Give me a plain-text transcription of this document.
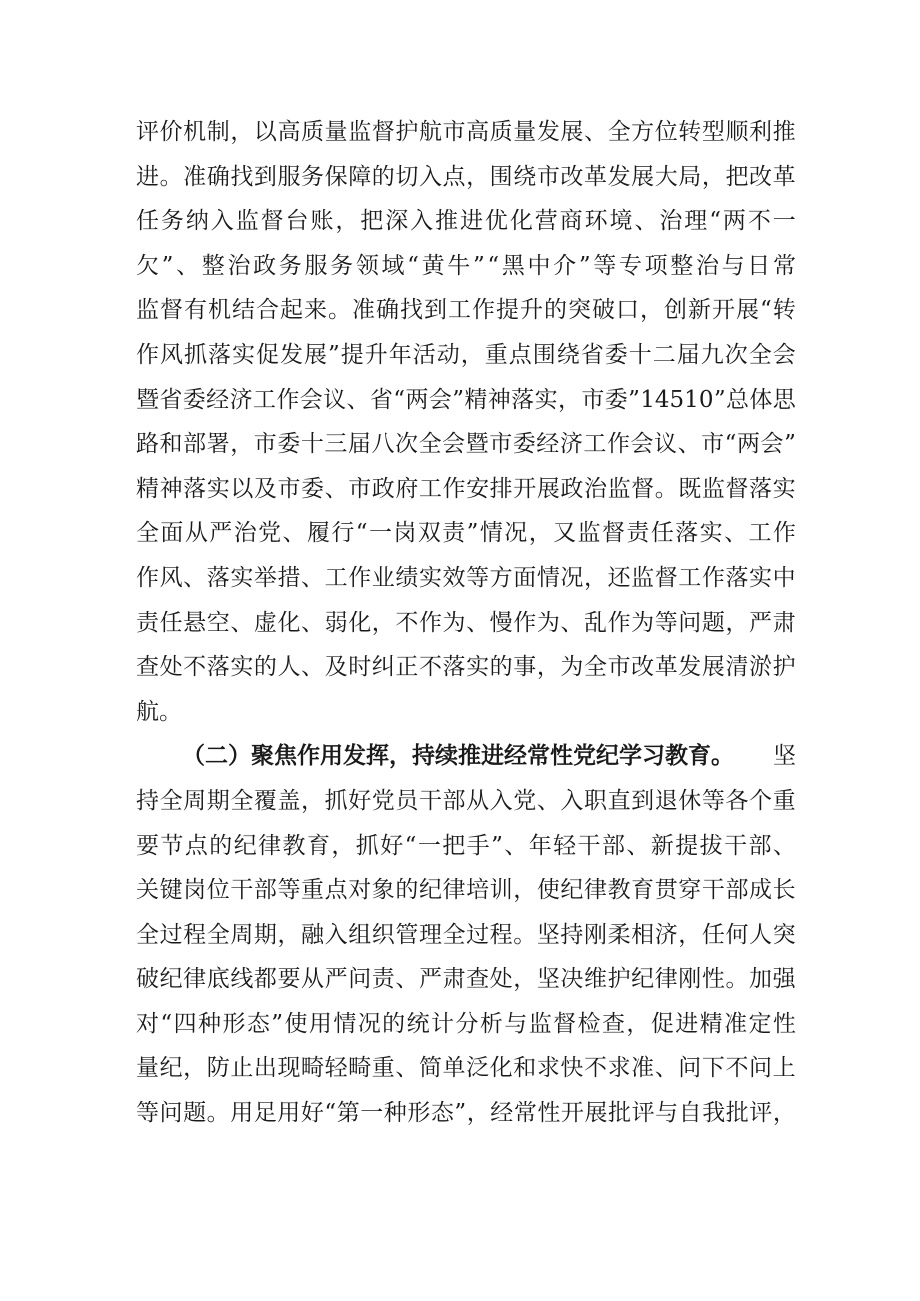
评 价 机 制 ， 以 高 质 量 监 督 护 航 市 高 质 量 发 展 、 全 方 位 转 型 顺 利 推
进 。 准 确 找 到 服 务 保 障 的 切 入 点 ， 围 绕 市 改 革 发 展 大 局 ， 把 改 革
任 务 纳 入 监 督 台 账 ， 把 深 入 推 进 优 化 营 商 环 境 、 治 理 “ 两 不 一
欠 ” 、 整 治 政 务 服 务 领 域 “ 黄 牛 ” “ 黑 中 介 ” 等 专 项 整 治 与 日 常
监 督 有 机 结 合 起 来 。 准 确 找 到 工 作 提 升 的 突 破 口 ， 创 新 开 展 “ 转
作 风 抓 落 实 促 发 展 ” 提 升 年 活 动 ， 重 点 围 绕 省 委 十 二 届 九 次 全 会
暨 省 委 经 济 工 作 会 议 、 省 “ 两 会 ” 精 神 落 实 ， 市 委 ” 14510 ” 总 体 思
路 和 部 署 ， 市 委 十 三 届 八 次 全 会 暨 市 委 经 济 工 作 会 议 、 市 “ 两 会 ”
精 神 落 实 以 及 市 委 、 市 政 府 工 作 安 排 开 展 政 治 监 督 。 既 监 督 落 实
全 面 从 严 治 党 、 履 行 “ 一 岗 双 责 ” 情 况 ， 又 监 督 责 任 落 实 、 工 作
作 风 、 落 实 举 措 、 工 作 业 绩 实 效 等 方 面 情 况 ， 还 监 督 工 作 落 实 中
责 任 悬 空 、 虚 化 、 弱 化 ， 不 作 为 、 慢 作 为 、 乱 作 为 等 问 题 ， 严 肃
查 处 不 落 实 的 人 、 及 时 纠 正 不 落 实 的 事 ， 为 全 市 改 革 发 展 清 淤 护
航。
（二）聚焦作用发挥，持续推进经常性党纪学习教育。 坚
持 全 周 期 全 覆 盖 ， 抓 好 党 员 干 部 从 入 党 、 入 职 直 到 退 休 等 各 个 重
要 节 点 的 纪 律 教 育 ， 抓 好 “ 一 把 手 ” 、 年 轻 干 部 、 新 提 拔 干 部 、
关 键 岗 位 干 部 等 重 点 对 象 的 纪 律 培 训 ， 使 纪 律 教 育 贯 穿 干 部 成 长
全 过 程 全 周 期 ， 融 入 组 织 管 理 全 过 程 。 坚 持 刚 柔 相 济 ， 任 何 人 突
破 纪 律 底 线 都 要 从 严 问 责 、 严 肃 查 处 ， 坚 决 维 护 纪 律 刚 性 。 加 强
对 “ 四 种 形 态 ” 使 用 情 况 的 统 计 分 析 与 监 督 检 查 ， 促 进 精 准 定 性
量 纪 ， 防 止 出 现 畸 轻 畸 重 、 简 单 泛 化 和 求 快 不 求 准 、 问 下 不 问 上
等 问 题 。 用 足 用 好 “ 第 一 种 形 态 ” ， 经 常 性 开 展 批 评 与 自 我 批 评 ，
